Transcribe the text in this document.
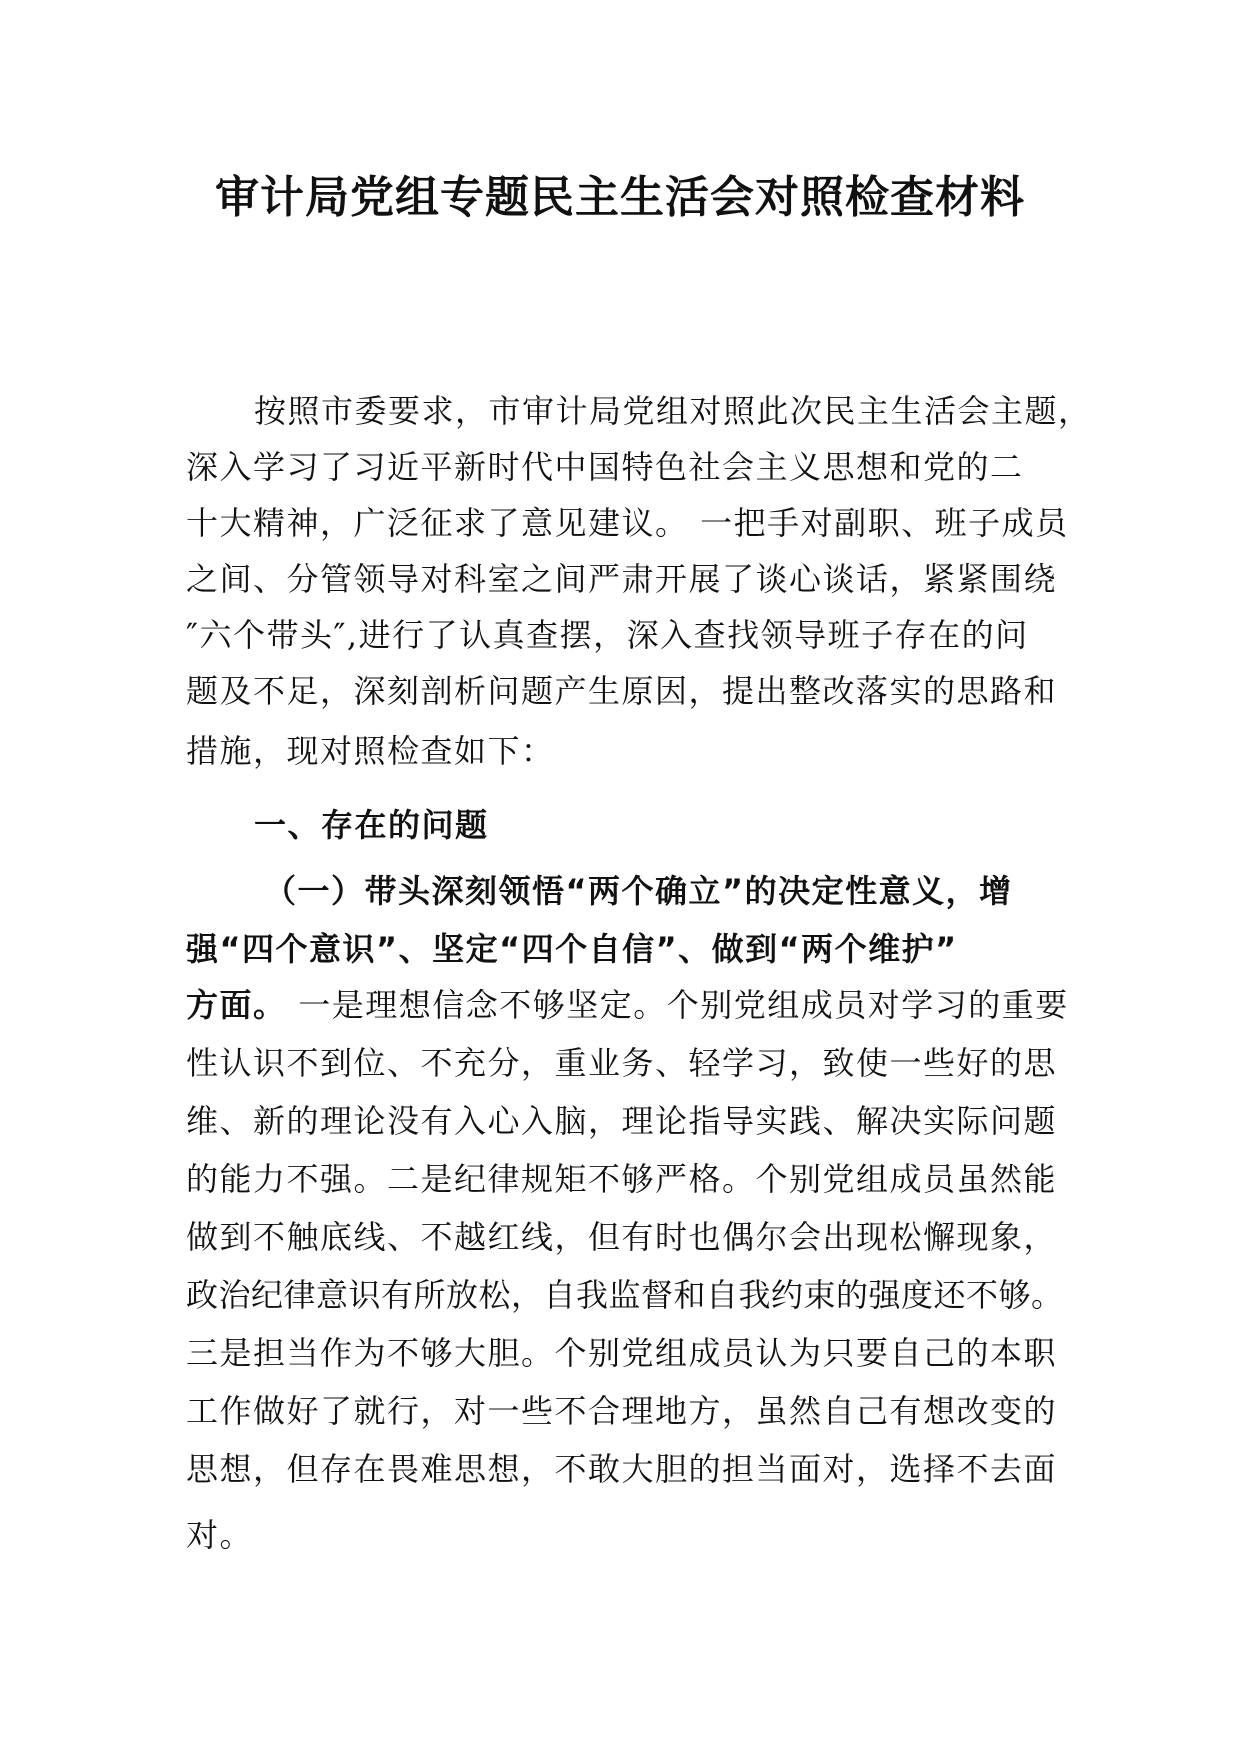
审计局党组专题民主生活会对照检查材料
按照市委要求，市审计局党组对照此次民主生活会主题，
深入学习了习近平新时代中国特色社会主义思想和党的二
十大精神，广泛征求了意见建议。 一把手对副职、班子成员
之间、分管领导对科室之间严肃开展了谈心谈话，紧紧围绕
″六个带头″,进行了认真查摆，深入查找领导班子存在的问
题及不足，深刻剖析问题产生原因，提出整改落实的思路和
措施，现对照检查如下：
一、存在的问题
（一）带头深刻领悟“两个确立”的决定性意义，增
强“四个意识”、坚定“四个自信”、做到“两个维护”
方面。 一是理想信念不够坚定。个别党组成员对学习的重要
性认识不到位、不充分，重业务、轻学习，致使一些好的思
维、新的理论没有入心入脑，理论指导实践、解决实际问题
的能力不强。二是纪律规矩不够严格。个别党组成员虽然能
做到不触底线、不越红线，但有时也偶尔会出现松懈现象，
政治纪律意识有所放松，自我监督和自我约束的强度还不够。
三是担当作为不够大胆。个别党组成员认为只要自己的本职
工作做好了就行，对一些不合理地方，虽然自己有想改变的
思想，但存在畏难思想，不敢大胆的担当面对，选择不去面
对。
